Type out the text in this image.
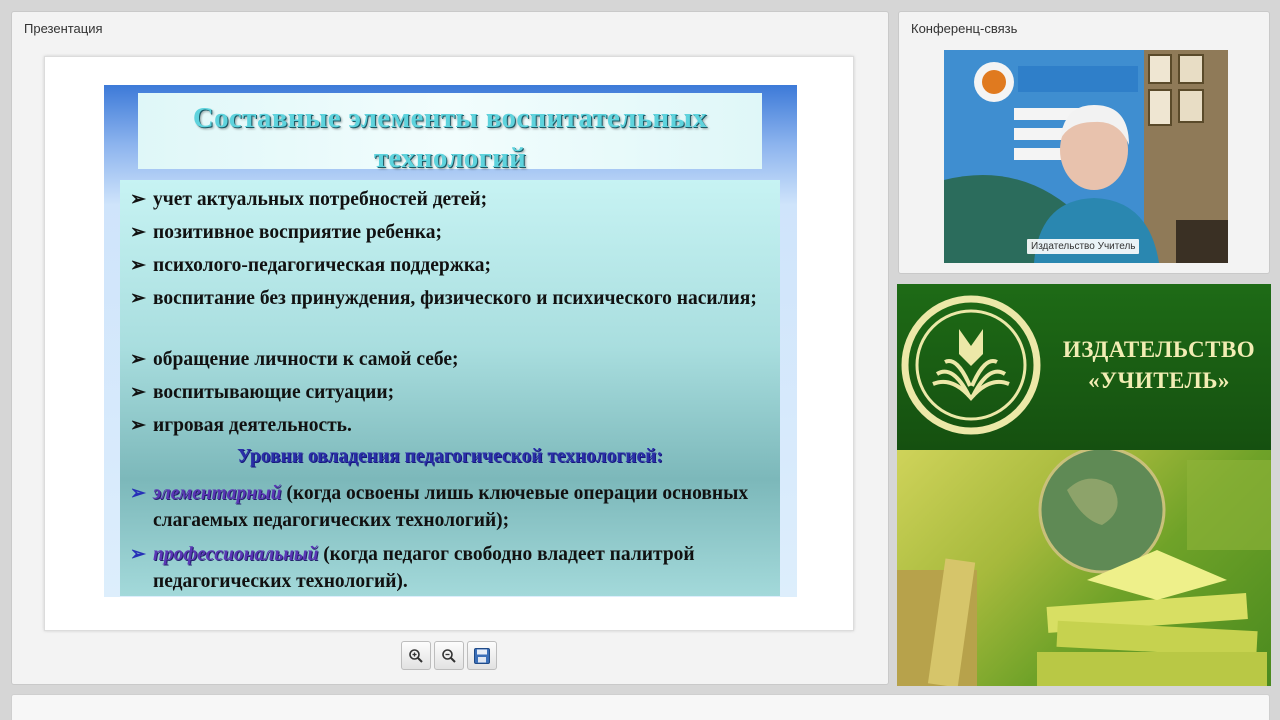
Презентация
Составные элементы воспитательных технологий
➢ учет актуальных потребностей детей;
➢ позитивное восприятие ребенка;
➢ психолого-педагогическая поддержка;
➢ воспитание без принуждения, физического и психического насилия;
➢ обращение личности к самой себе;
➢ воспитывающие ситуации;
➢ игровая деятельность.
Уровни овладения педагогической технологией:
➢ элементарный (когда освоены лишь ключевые операции основных слагаемых педагогических технологий);
➢ профессиональный (когда педагог свободно владеет палитрой педагогических технологий).
Конференц-связь
Издательство Учитель
ИЗДАТЕЛЬСТВО
«УЧИТЕЛЬ»
